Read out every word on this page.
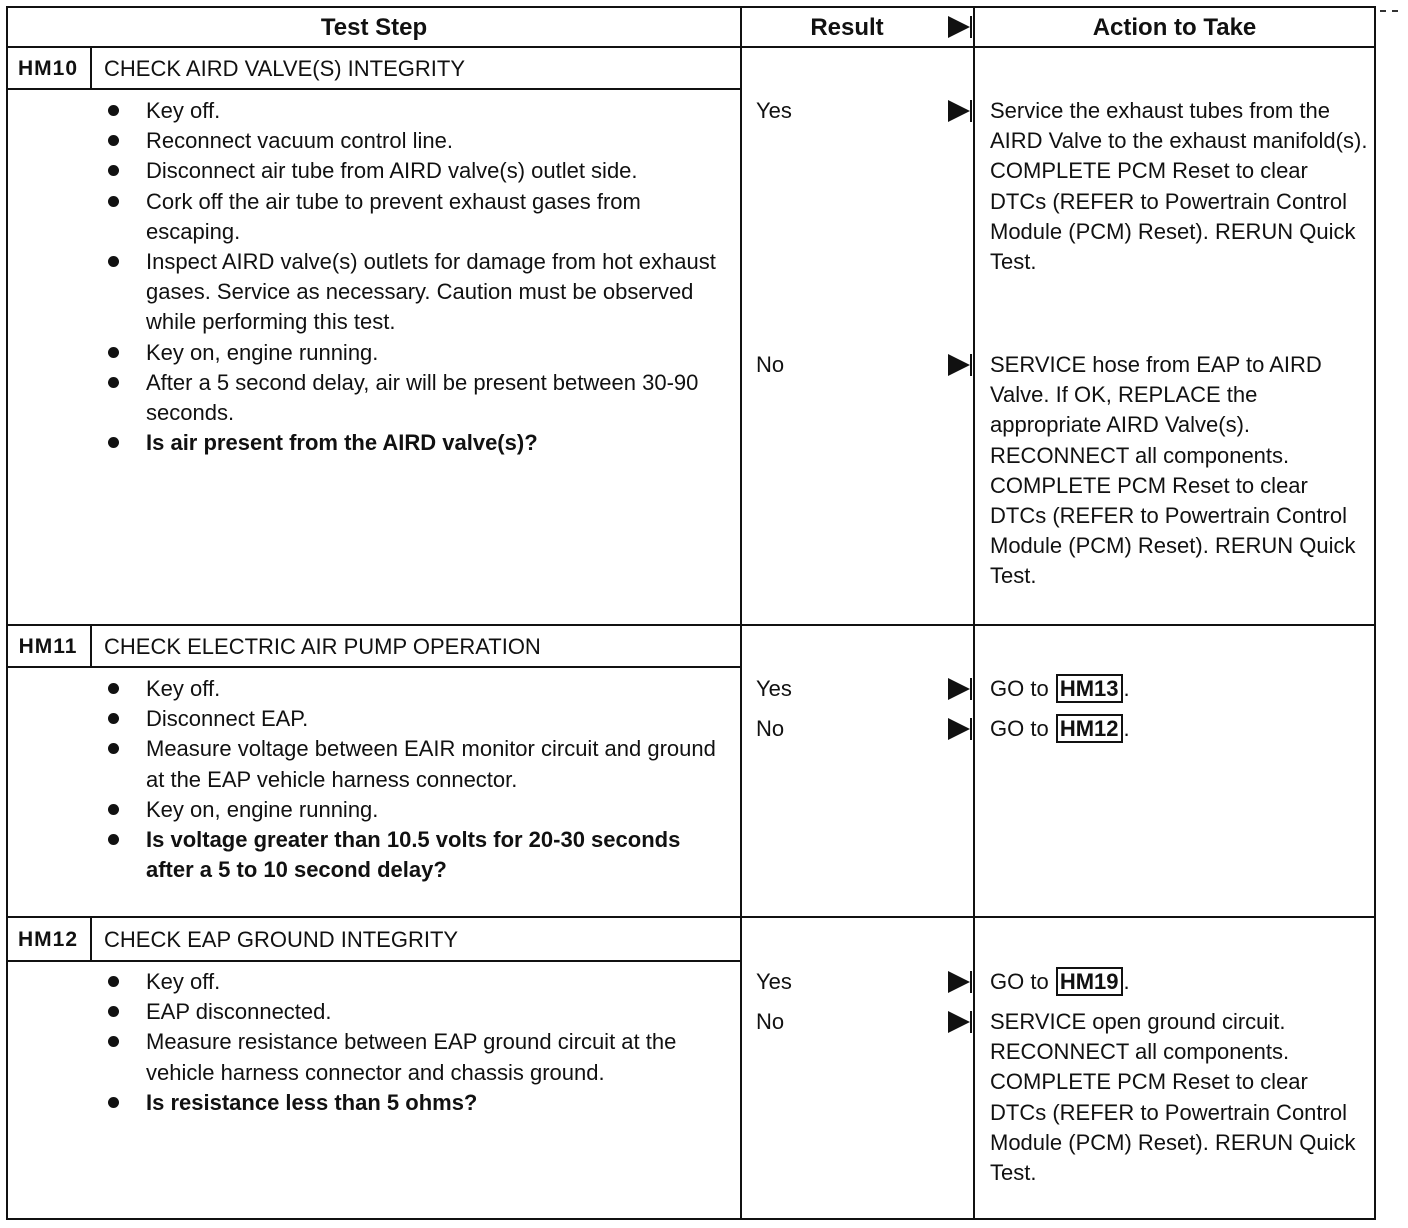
Test Step	Result	Action to Take
HM10	CHECK AIRD VALVE(S) INTEGRITY
Key off.
Reconnect vacuum control line.
Disconnect air tube from AIRD valve(s) outlet side.
Cork off the air tube to prevent exhaust gases from escaping.
Inspect AIRD valve(s) outlets for damage from hot exhaust gases. Service as necessary. Caution must be observed while performing this test.
Key on, engine running.
After a 5 second delay, air will be present between 30-90 seconds.
Is air present from the AIRD valve(s)?
Yes	Service the exhaust tubes from the AIRD Valve to the exhaust manifold(s). COMPLETE PCM Reset to clear DTCs (REFER to Powertrain Control Module (PCM) Reset). RERUN Quick Test.
No	SERVICE hose from EAP to AIRD Valve. If OK, REPLACE the appropriate AIRD Valve(s). RECONNECT all components. COMPLETE PCM Reset to clear DTCs (REFER to Powertrain Control Module (PCM) Reset). RERUN Quick Test.
HM11	CHECK ELECTRIC AIR PUMP OPERATION
Key off.
Disconnect EAP.
Measure voltage between EAIR monitor circuit and ground at the EAP vehicle harness connector.
Key on, engine running.
Is voltage greater than 10.5 volts for 20-30 seconds after a 5 to 10 second delay?
Yes	GO to HM13 .
No	GO to HM12 .
HM12	CHECK EAP GROUND INTEGRITY
Key off.
EAP disconnected.
Measure resistance between EAP ground circuit at the vehicle harness connector and chassis ground.
Is resistance less than 5 ohms?
Yes	GO to HM19 .
No	SERVICE open ground circuit. RECONNECT all components. COMPLETE PCM Reset to clear DTCs (REFER to Powertrain Control Module (PCM) Reset). RERUN Quick Test.
